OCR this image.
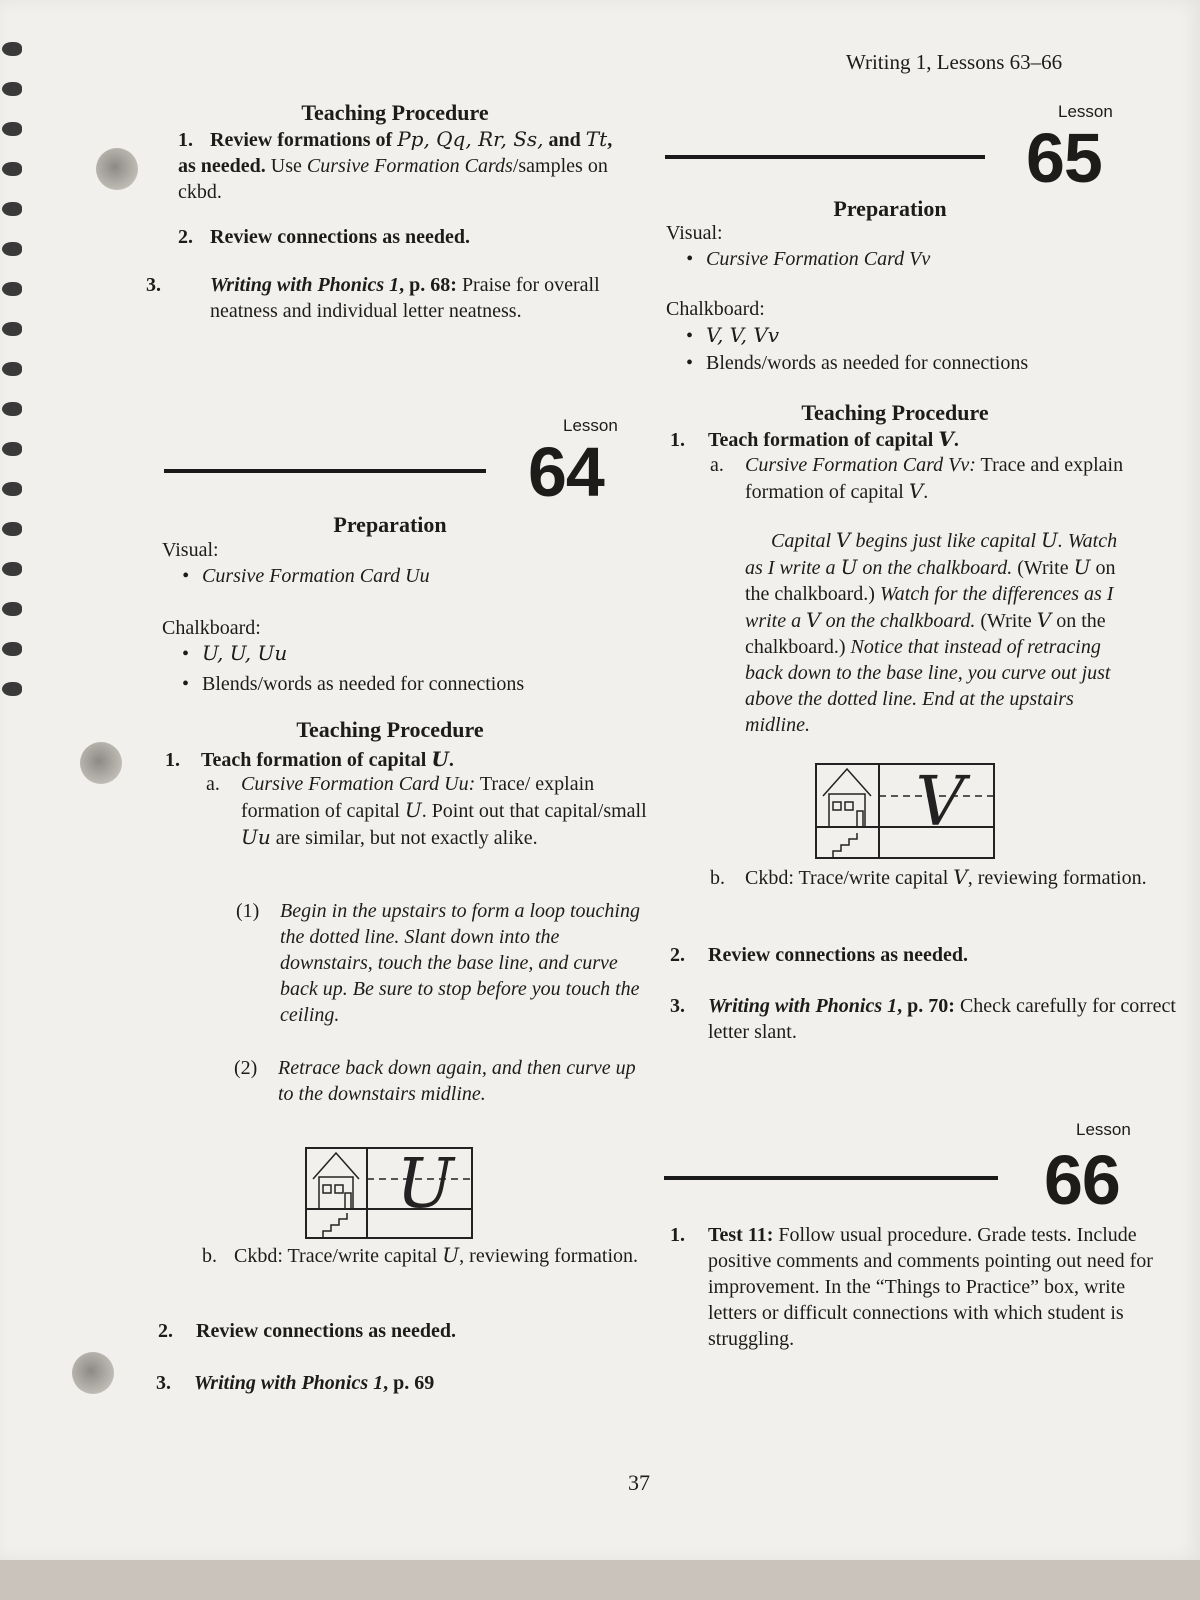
Writing 1, Lessons 63–66
Teaching Procedure

1. Review formations of Pp, Qq, Rr, Ss, and Tt, as needed. Use Cursive Formation Cards/samples on ckbd.

2. Review connections as needed.

3. Writing with Phonics 1, p. 68: Praise for overall neatness and individual letter neatness.

Lesson
64
Preparation

Visual:

• Cursive Formation Card Uu

Chalkboard:

• U, U, Uu

• Blends/words as needed for connections

Teaching Procedure

1. Teach formation of capital U.

a. Cursive Formation Card Uu: Trace/ explain formation of capital U. Point out that capital/small Uu are similar, but not exactly alike.

(1) Begin in the upstairs to form a loop touching the dotted line. Slant down into the downstairs, touch the base line, and curve back up. Be sure to stop before you touch the ceiling.

(2) Retrace back down again, and then curve up to the downstairs midline.

U

b. Ckbd: Trace/write capital U, reviewing formation.

2. Review connections as needed.

3. Writing with Phonics 1, p. 69

Lesson
65
Preparation

Visual:

• Cursive Formation Card Vv

Chalkboard:

• V, V, Vv

• Blends/words as needed for connections

Teaching Procedure

1. Teach formation of capital V.

a. Cursive Formation Card Vv: Trace and explain formation of capital V.

Capital V begins just like capital U. Watch as I write a U on the chalkboard. (Write U on the chalkboard.) Watch for the differences as I write a V on the chalkboard. (Write V on the chalkboard.) Notice that instead of retracing back down to the base line, you curve out just above the dotted line. End at the upstairs midline.

V

b. Ckbd: Trace/write capital V, reviewing formation.

2. Review connections as needed.

3. Writing with Phonics 1, p. 70: Check carefully for correct letter slant.

Lesson
66

1. Test 11: Follow usual procedure. Grade tests. Include positive comments and comments pointing out need for improvement. In the “Things to Practice” box, write letters or difficult connections with which student is struggling.

37
